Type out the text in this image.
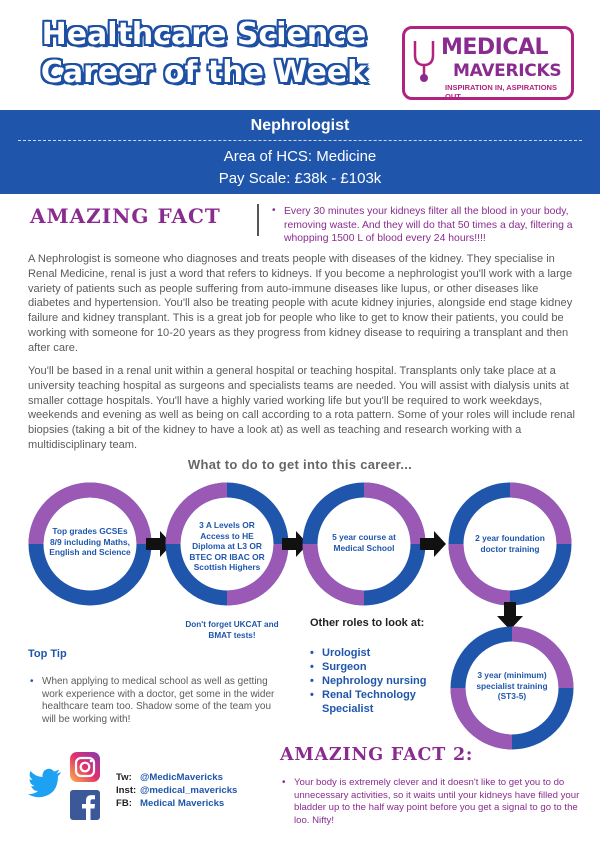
Healthcare Science
Career of the Week
MEDICAL
MAVERICKS
INSPIRATION IN, ASPIRATIONS OUT
Nephrologist
Area of HCS: Medicine
Pay Scale: £38k - £103k
AMAZING FACT	• Every 30 minutes your kidneys filter all the blood in your body, removing waste. And they will do that 50 times a day, filtering a whopping 1500 L of blood every 24 hours!!!!
A Nephrologist is someone who diagnoses and treats people with diseases of the kidney. They specialise in Renal Medicine, renal is just a word that refers to kidneys. If you become a nephrologist you'll work with a large variety of patients such as people suffering from auto-immune diseases like lupus, or other diseases like diabetes and hypertension. You'll also be treating people with acute kidney injuries, alongside end stage kidney failure and kidney transplant. This is a great job for people who like to get to know their patients, you could be working with someone for 10-20 years as they progress from kidney disease to requiring a transplant and then after care.
You'll be based in a renal unit within a general hospital or teaching hospital. Transplants only take place at a university teaching hospital as surgeons and specialists teams are needed. You will assist with dialysis units at smaller cottage hospitals. You'll have a highly varied working life but you'll be required to work weekdays, weekends and evening as well as being on call according to a rota pattern. Some of your roles will include renal biopsies (taking a bit of the kidney to have a look at) as well as teaching and research working with a multidisciplinary team.
What to do to get into this career...
Top grades GCSEs 8/9 including Maths, English and Science
3 A Levels OR Access to HE Diploma at L3 OR BTEC OR IBAC OR Scottish Highers
5 year course at Medical School
2 year foundation doctor training
3 year (minimum) specialist training (ST3-5)
Don't forget UKCAT and BMAT tests!
Other roles to look at:
• Urologist
• Surgeon
• Nephrology nursing
• Renal Technology Specialist
Top Tip
• When applying to medical school as well as getting work experience with a doctor, get some in the wider healthcare team too. Shadow some of the team you will be working with!
AMAZING FACT 2:
• Your body is extremely clever and it doesn't like to get you to do unnecessary activities, so it waits until your kidneys have filled your bladder up to the half way point before you get a signal to go to the loo. Nifty!
Tw: @MedicMavericks
Inst: @medical_mavericks
FB: Medical Mavericks
